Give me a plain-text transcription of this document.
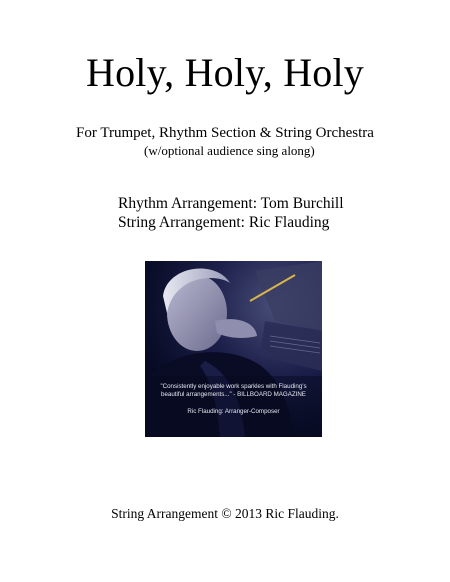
Holy, Holy, Holy
For Trumpet, Rhythm Section & String Orchestra
(w/optional audience sing along)
Rhythm Arrangement: Tom Burchill
String Arrangement: Ric Flauding
"Consistently enjoyable work sparkles with Flauding's
beautiful arrangements..." - BILLBOARD MAGAZINE
Ric Flauding: Arranger-Composer
String Arrangement © 2013 Ric Flauding.
